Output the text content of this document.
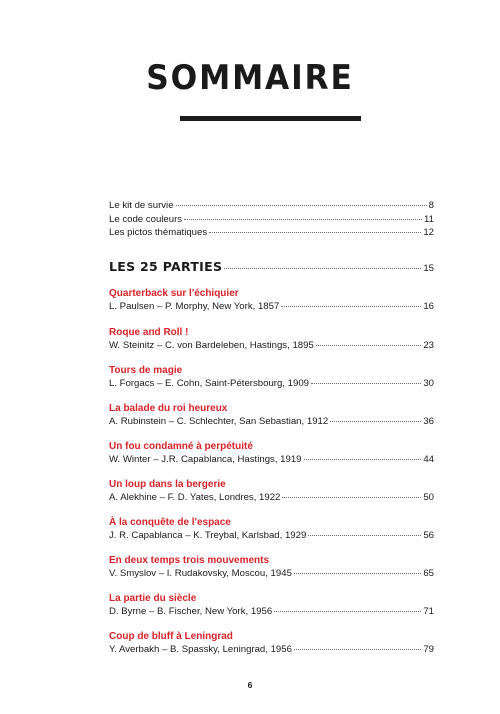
SOMMAIRE
Le kit de survie	8
Le code couleurs	11
Les pictos thématiques	12
LES 25 PARTIES	15
Quarterback sur l'échiquier
L. Paulsen – P. Morphy, New York, 1857	16
Roque and Roll !
W. Steinitz – C. von Bardeleben, Hastings, 1895	23
Tours de magie
L. Forgacs – E. Cohn, Saint-Pétersbourg, 1909	30
La balade du roi heureux
A. Rubinstein – C. Schlechter, San Sebastian, 1912	36
Un fou condamné à perpétuité
W. Winter – J.R. Capablanca, Hastings, 1919	44
Un loup dans la bergerie
A. Alekhine – F. D. Yates, Londres, 1922	50
À la conquête de l'espace
J. R. Capablanca – K. Treybal, Karlsbad, 1929	56
En deux temps trois mouvements
V. Smyslov – I. Rudakovsky, Moscou, 1945	65
La partie du siècle
D. Byrne – B. Fischer, New York, 1956	71
Coup de bluff à Leningrad
Y. Averbakh – B. Spassky, Leningrad, 1956	79
6
